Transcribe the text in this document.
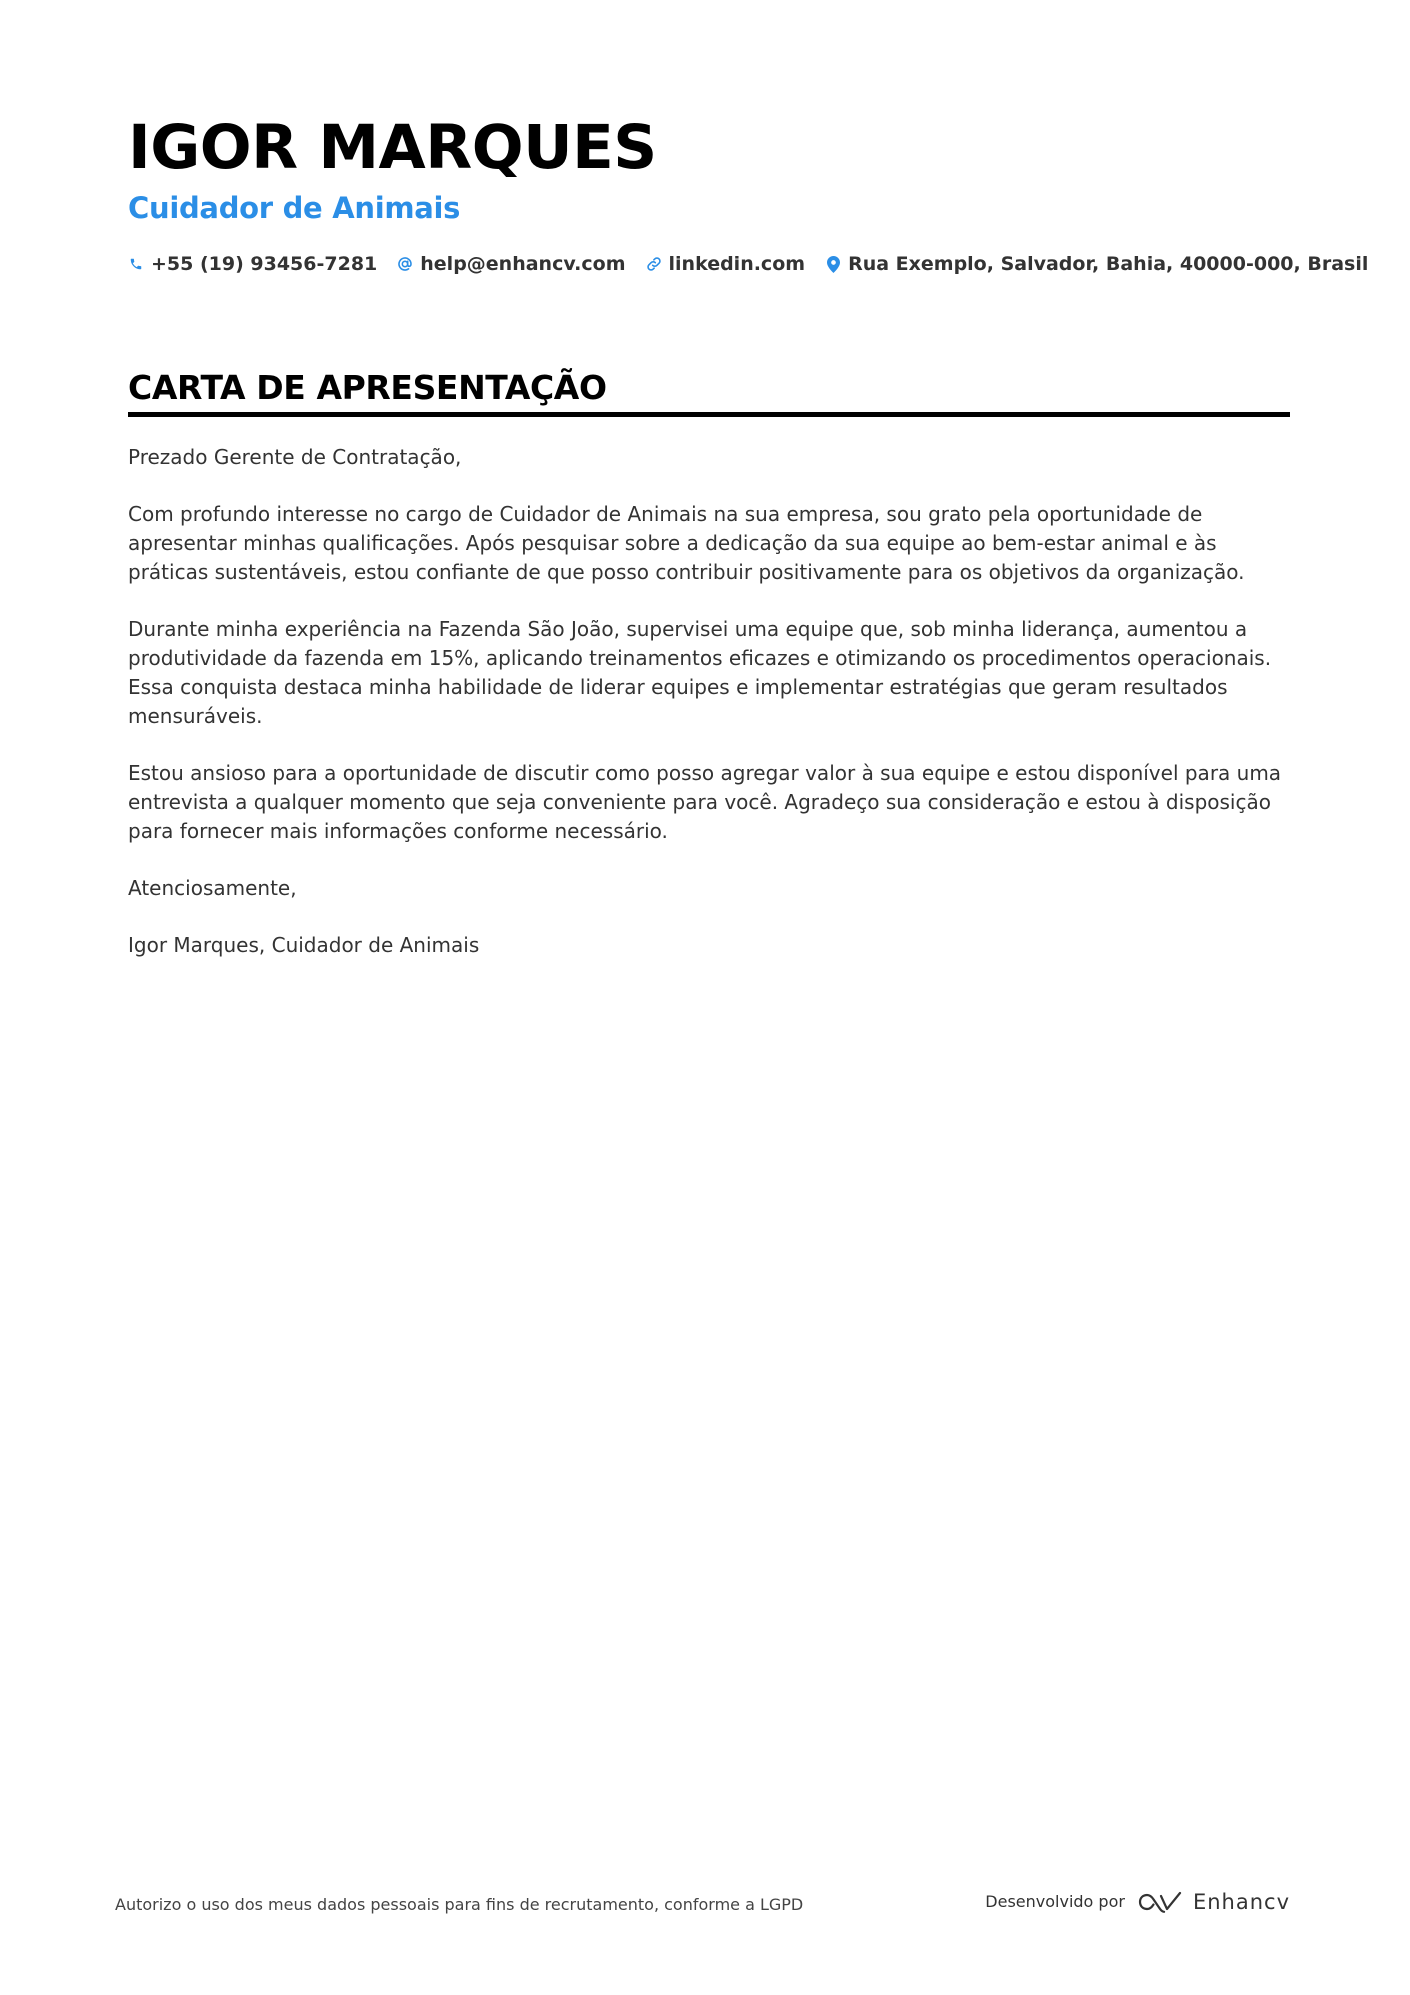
IGOR MARQUES
Cuidador de Animais
+55 (19) 93456-7281 help@enhancv.com linkedin.com Rua Exemplo, Salvador, Bahia, 40000-000, Brasil
CARTA DE APRESENTAÇÃO

Prezado Gerente de Contratação,

Com profundo interesse no cargo de Cuidador de Animais na sua empresa, sou grato pela oportunidade de apresentar minhas qualificações. Após pesquisar sobre a dedicação da sua equipe ao bem-estar animal e às práticas sustentáveis, estou confiante de que posso contribuir positivamente para os objetivos da organização.

Durante minha experiência na Fazenda São João, supervisei uma equipe que, sob minha liderança, aumentou a produtividade da fazenda em 15%, aplicando treinamentos eficazes e otimizando os procedimentos operacionais. Essa conquista destaca minha habilidade de liderar equipes e implementar estratégias que geram resultados mensuráveis.

Estou ansioso para a oportunidade de discutir como posso agregar valor à sua equipe e estou disponível para uma entrevista a qualquer momento que seja conveniente para você. Agradeço sua consideração e estou à disposição para fornecer mais informações conforme necessário.

Atenciosamente,

Igor Marques, Cuidador de Animais

Autorizo o uso dos meus dados pessoais para fins de recrutamento, conforme a LGPD	Desenvolvido por	Enhancv
